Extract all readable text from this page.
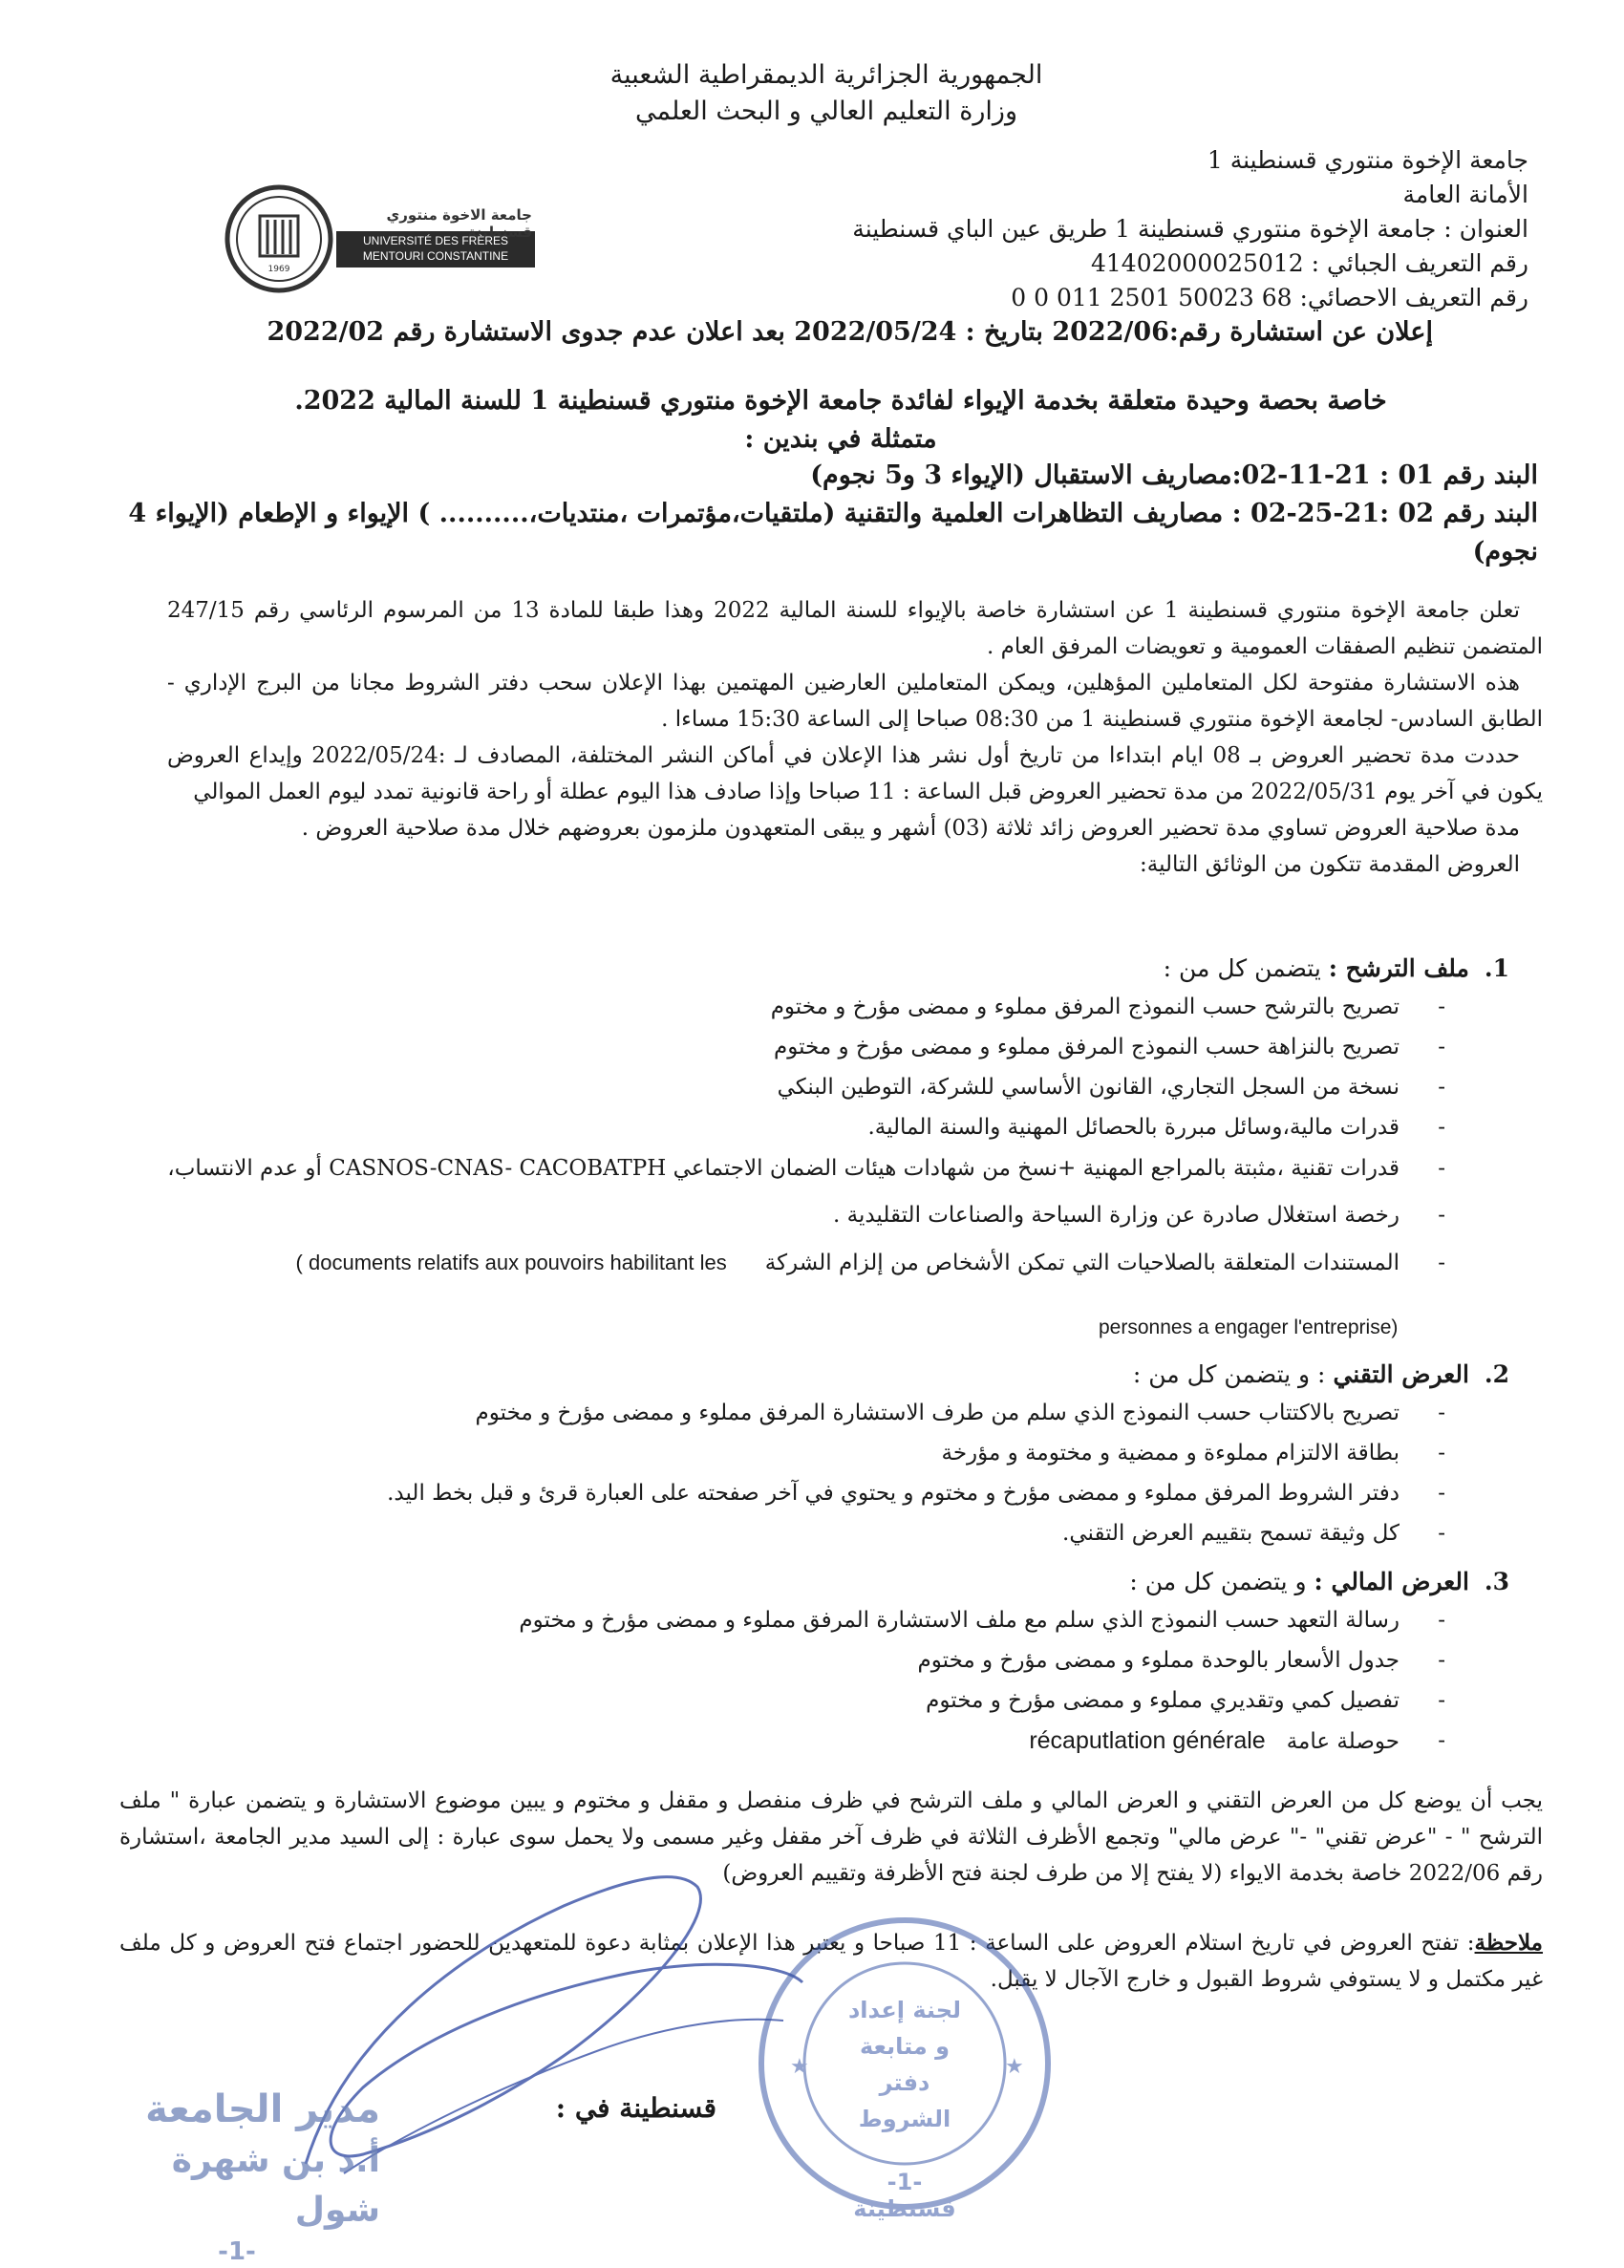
الجمهورية الجزائرية الديمقراطية الشعبية
وزارة التعليم العالي و البحث العلمي
جامعة الإخوة منتوري قسنطينة 1
الأمانة العامة
العنوان : جامعة الإخوة منتوري قسنطينة 1 طريق عين الباي قسنطينة
رقم التعريف الجبائي : 41402000025012
رقم التعريف الاحصائي: 68 50023 2501 011 0 0
1969
جامعة الاخوة منتوري قسنطينة
UNIVERSITÉ DES FRÈRES
MENTOURI CONSTANTINE
إعلان عن استشارة رقم:2022/06 بتاريخ : 2022/05/24 بعد اعلان عدم جدوى الاستشارة رقم 2022/02
خاصة بحصة وحيدة متعلقة بخدمة الإيواء لفائدة جامعة الإخوة منتوري قسنطينة 1 للسنة المالية 2022.
متمثلة في بندين :
البند رقم 01 : 21-11-02:مصاريف الاستقبال (الإيواء 3 و5 نجوم)
البند رقم 02 :21-25-02 : مصاريف التظاهرات العلمية والتقنية (ملتقيات،مؤتمرات ،منتديات،.......... ) الإيواء و الإطعام (الإيواء 4
نجوم)

تعلن جامعة الإخوة منتوري قسنطينة 1 عن استشارة خاصة بالإيواء للسنة المالية 2022 وهذا طبقا للمادة 13 من المرسوم الرئاسي رقم 247/15 المتضمن تنظيم الصفقات العمومية و تعويضات المرفق العام .

هذه الاستشارة مفتوحة لكل المتعاملين المؤهلين، ويمكن المتعاملين العارضين المهتمين بهذا الإعلان سحب دفتر الشروط مجانا من البرج الإداري - الطابق السادس- لجامعة الإخوة منتوري قسنطينة 1 من 08:30 صباحا إلى الساعة 15:30 مساءا .

حددت مدة تحضير العروض بـ 08 ايام ابتداءا من تاريخ أول نشر هذا الإعلان في أماكن النشر المختلفة، المصادف لـ :2022/05/24 وإيداع العروض يكون في آخر يوم 2022/05/31 من مدة تحضير العروض قبل الساعة : 11 صباحا وإذا صادف هذا اليوم عطلة أو راحة قانونية تمدد ليوم العمل الموالي

مدة صلاحية العروض تساوي مدة تحضير العروض زائد ثلاثة (03) أشهر و يبقى المتعهدون ملزمون بعروضهم خلال مدة صلاحية العروض .

العروض المقدمة تتكون من الوثائق التالية:

1. ملف الترشح : يتضمن كل من :
-
تصريح بالترشح حسب النموذج المرفق مملوء و ممضى مؤرخ و مختوم
-
تصريح بالنزاهة حسب النموذج المرفق مملوء و ممضى مؤرخ و مختوم
-
نسخة من السجل التجاري، القانون الأساسي للشركة، التوطين البنكي
-
قدرات مالية،وسائل مبررة بالحصائل المهنية والسنة المالية.
-
قدرات تقنية ،مثبتة بالمراجع المهنية +نسخ من شهادات هيئات الضمان الاجتماعي CASNOS-CNAS- CACOBATPH أو عدم الانتساب،
-
رخصة استغلال صادرة عن وزارة السياحة والصناعات التقليدية .
-
المستندات المتعلقة بالصلاحيات التي تمكن الأشخاص من إلزام الشركة( documents relatifs aux pouvoirs habilitant les
personnes a engager l'entreprise)
2. العرض التقني : و يتضمن كل من :
-
تصريح بالاكتتاب حسب النموذج الذي سلم من طرف الاستشارة المرفق مملوء و ممضى مؤرخ و مختوم
-
بطاقة الالتزام مملوءة و ممضية و مختومة و مؤرخة
-
دفتر الشروط المرفق مملوء و ممضى مؤرخ و مختوم و يحتوي في آخر صفحته على العبارة قرئ و قبل بخط اليد.
-
كل وثيقة تسمح بتقييم العرض التقني.
3. العرض المالي : و يتضمن كل من :
-
رسالة التعهد حسب النموذج الذي سلم مع ملف الاستشارة المرفق مملوء و ممضى مؤرخ و مختوم
-
جدول الأسعار بالوحدة مملوء و ممضى مؤرخ و مختوم
-
تفصيل كمي وتقديري مملوء و ممضى مؤرخ و مختوم
-
حوصلة عامةrécaputlation générale

يجب أن يوضع كل من العرض التقني و العرض المالي و ملف الترشح في ظرف منفصل و مقفل و مختوم و يبين موضوع الاستشارة و يتضمن عبارة " ملف الترشح " - "عرض تقني" -" عرض مالي" وتجمع الأظرف الثلاثة في ظرف آخر مقفل وغير مسمى ولا يحمل سوى عبارة : إلى السيد مدير الجامعة ،استشارة رقم 2022/06 خاصة بخدمة الايواء (لا يفتح إلا من طرف لجنة فتح الأظرفة وتقييم العروض)

ملاحظة: تفتح العروض في تاريخ استلام العروض على الساعة : 11 صباحا و يعتبر هذا الإعلان بمثابة دعوة للمتعهدين للحضور اجتماع فتح العروض و كل ملف غير مكتمل و لا يستوفي شروط القبول و خارج الآجال لا يقبل.
قسنطينة في :
★	★
لجنة إعداد
و متابعة
دفتر الشروط
-1- قسنطينة
مدير الجامعة
أ.د بن شهرة شول
-1-
